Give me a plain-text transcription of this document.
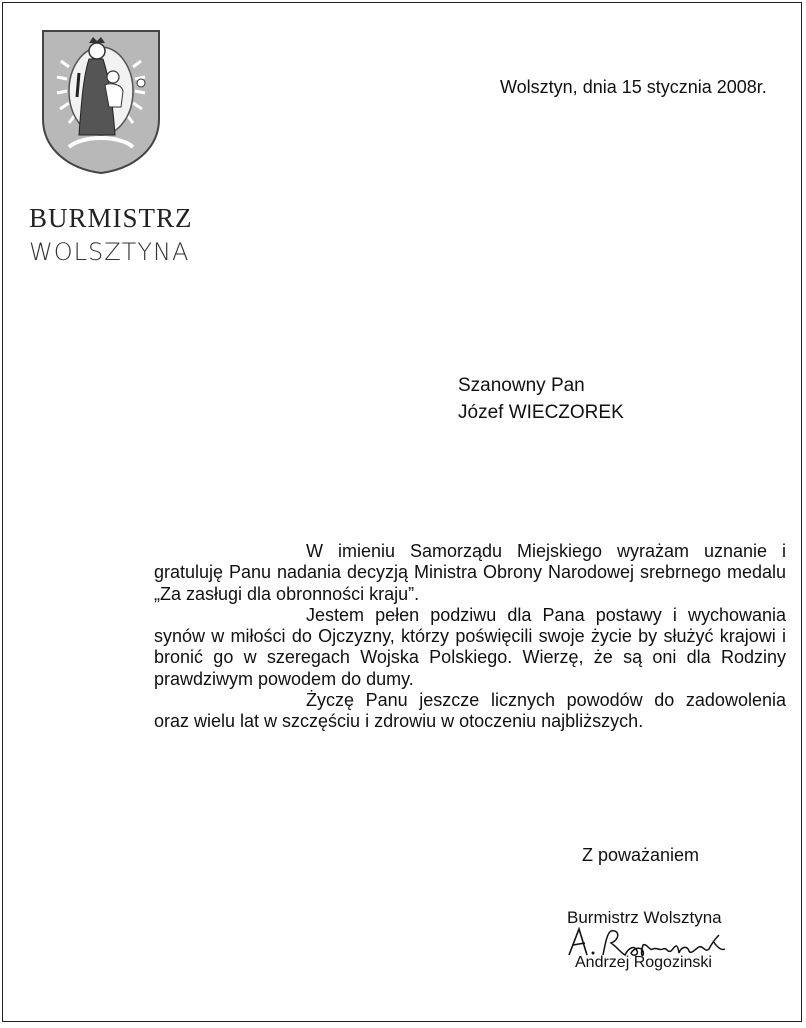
BURMISTRZ
WOLSZTYNA
Wolsztyn, dnia 15 stycznia 2008r.
Szanowny Pan
Józef WIECZOREK

W imieniu Samorządu Miejskiego wyrażam uznanie i gratuluję Panu nadania decyzją Ministra Obrony Narodowej srebrnego medalu „Za zasługi dla obronności kraju”.

Jestem pełen podziwu dla Pana postawy i wychowania synów w miłości do Ojczyzny, którzy poświęcili swoje życie by służyć krajowi i bronić go w szeregach Wojska Polskiego. Wierzę, że są oni dla Rodziny prawdziwym powodem do dumy.

Życzę Panu jeszcze licznych powodów do zadowolenia oraz wielu lat w szczęściu i zdrowiu w otoczeniu najbliższych.

Z poważaniem
Burmistrz Wolsztyna
Andrzej Rogozinski
